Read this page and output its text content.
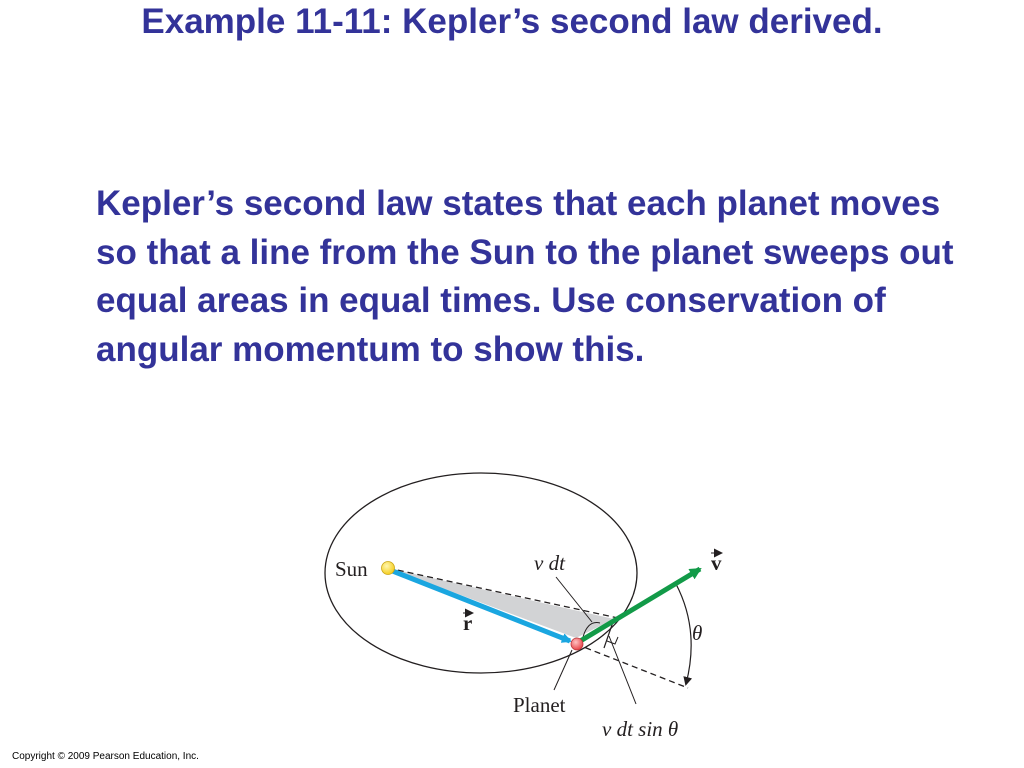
Example 11-11: Kepler’s second law derived.

Kepler’s second law states that each planet moves so that a line from the Sun to the planet sweeps out equal areas in equal times. Use conservation of angular momentum to show this.

Sun	v dt	v
r	θ
Planet
v dt sin θ
Copyright © 2009 Pearson Education, Inc.
